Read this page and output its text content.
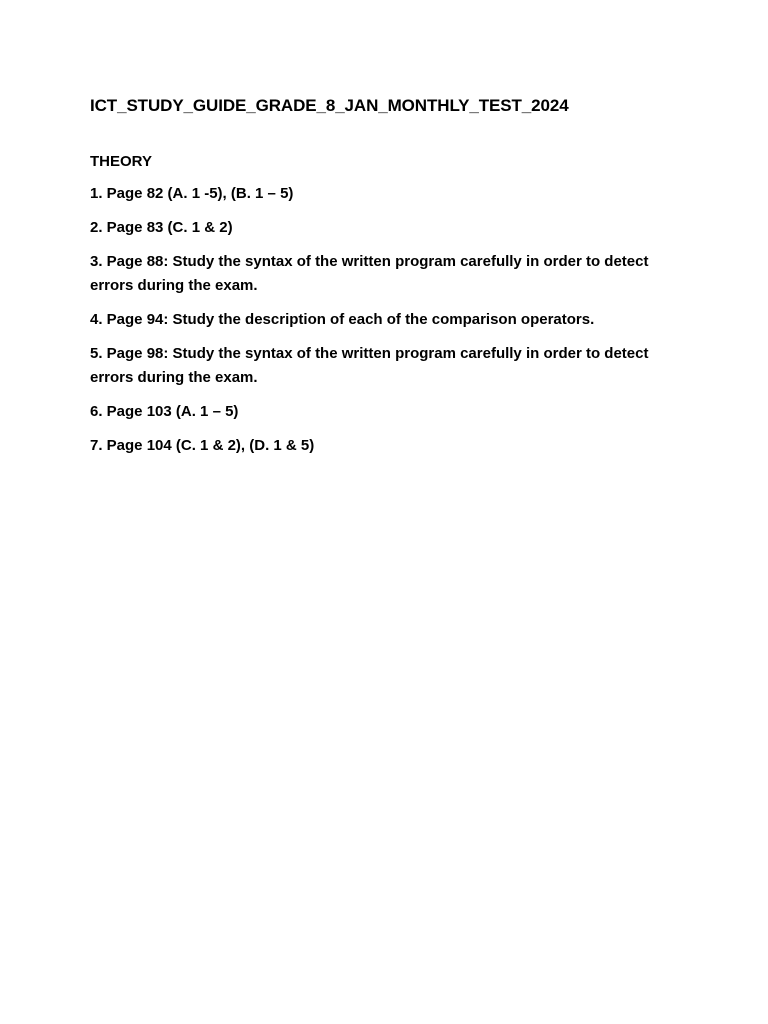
ICT_STUDY_GUIDE_GRADE_8_JAN_MONTHLY_TEST_2024
THEORY
1. Page 82 (A. 1 -5), (B. 1 – 5)
2. Page 83 (C. 1 & 2)
3. Page 88: Study the syntax of the written program carefully in order to detect errors during the exam.
4. Page 94: Study the description of each of the comparison operators.
5. Page 98: Study the syntax of the written program carefully in order to detect errors during the exam.
6. Page 103 (A. 1 – 5)
7. Page 104 (C. 1 & 2), (D. 1 & 5)
